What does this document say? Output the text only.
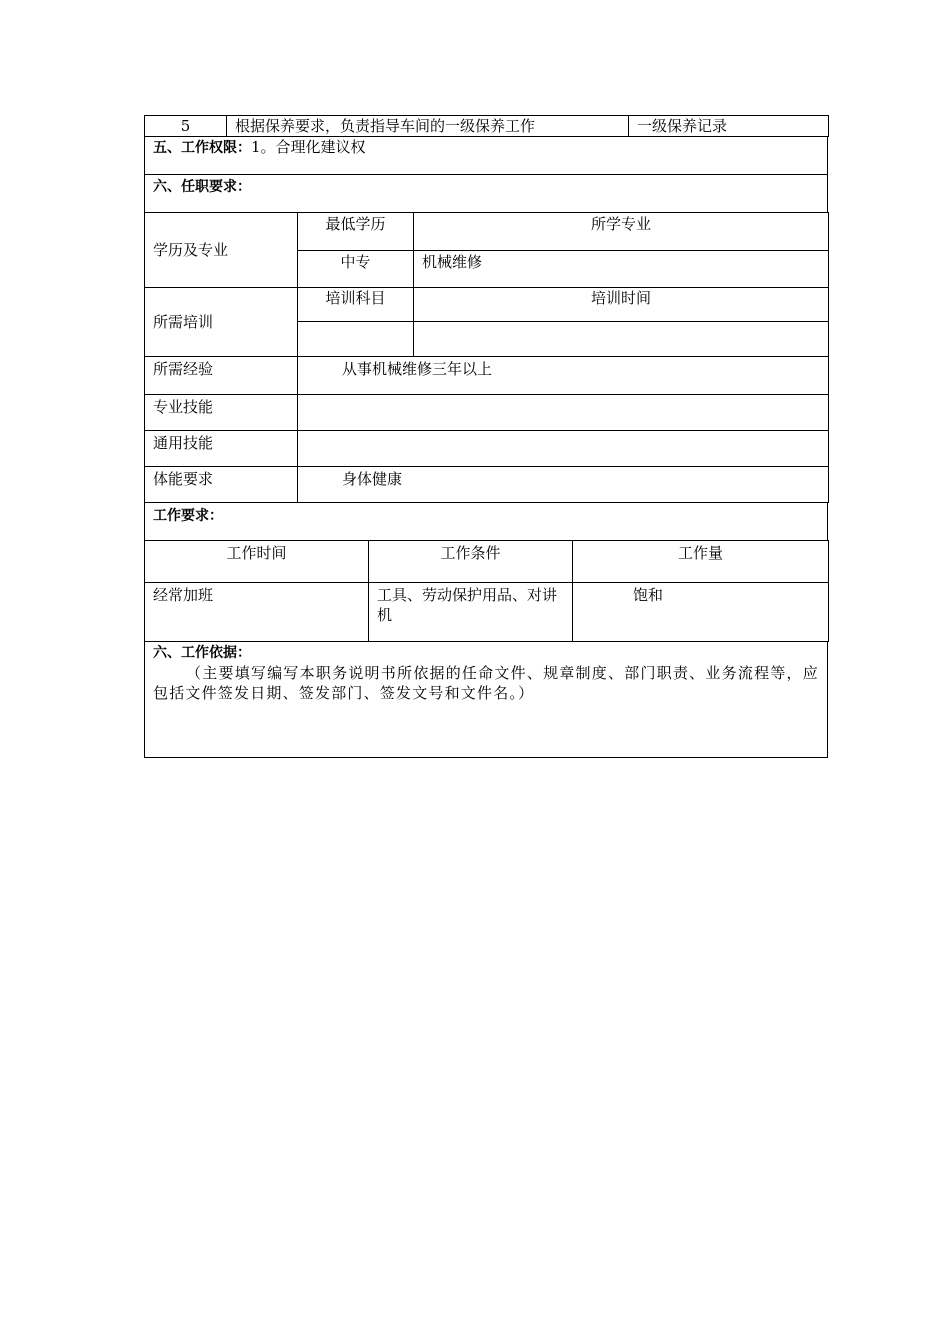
5	根据保养要求，负责指导车间的一级保养工作	一级保养记录
五、工作权限：1。合理化建议权
六、任职要求：
学历及专业	最低学历	所学专业
	中专	机械维修
所需培训	培训科目	培训时间

所需经验	从事机械维修三年以上	
专业技能		
通用技能		
体能要求	身体健康	
工作要求：
工作时间	工作条件	工作量
经常加班	工具、劳动保护用品、对讲机	饱和
六、工作依据：
（主要填写编写本职务说明书所依据的任命文件、规章制度、部门职责、业务流程等，应包括文件签发日期、签发部门、签发文号和文件名。）
